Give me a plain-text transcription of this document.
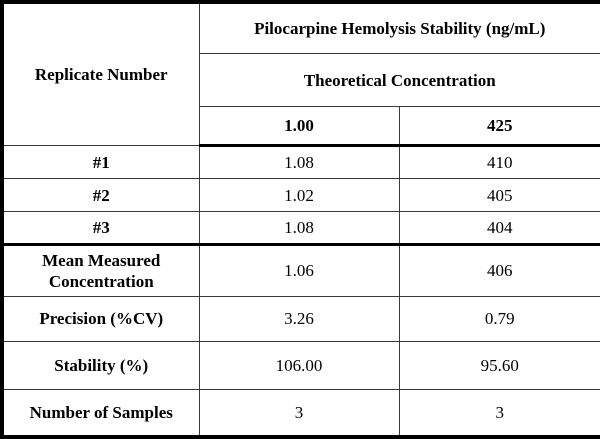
Replicate Number	Pilocarpine Hemolysis Stability (ng/mL)	
	Theoretical Concentration	
	1.00	425
#1	1.08	410
#2	1.02	405
#3	1.08	404
Mean Measured Concentration	1.06	406
Precision (%CV)	3.26	0.79
Stability (%)	106.00	95.60
Number of Samples	3	3
